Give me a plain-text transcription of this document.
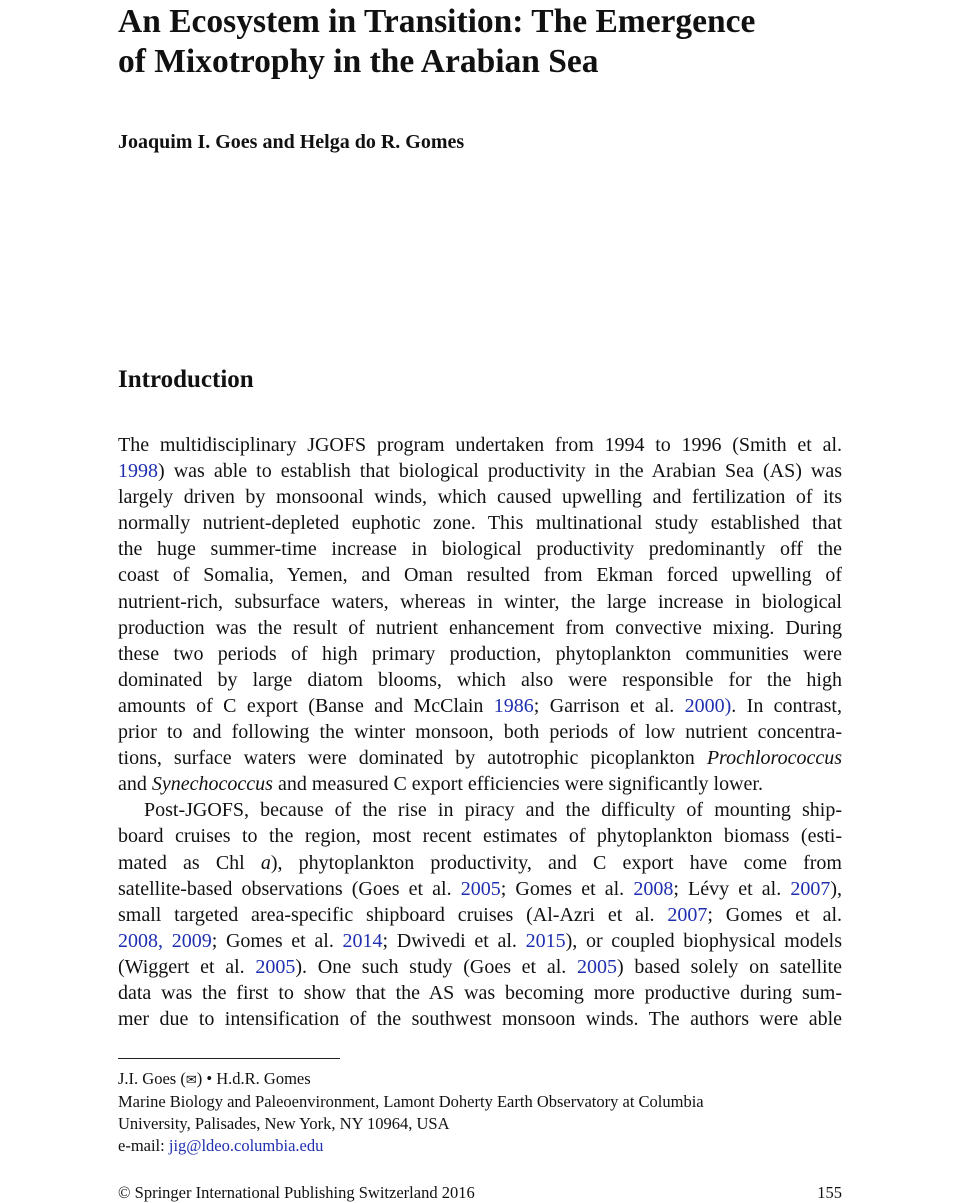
An Ecosystem in Transition: The Emergence
of Mixotrophy in the Arabian Sea
Joaquim I. Goes and Helga do R. Gomes
Introduction
The multidisciplinary JGOFS program undertaken from 1994 to 1996 (Smith et al.
1998) was able to establish that biological productivity in the Arabian Sea (AS) was
largely driven by monsoonal winds, which caused upwelling and fertilization of its
normally nutrient-depleted euphotic zone. This multinational study established that
the huge summer-time increase in biological productivity predominantly off the
coast of Somalia, Yemen, and Oman resulted from Ekman forced upwelling of
nutrient-rich, subsurface waters, whereas in winter, the large increase in biological
production was the result of nutrient enhancement from convective mixing. During
these two periods of high primary production, phytoplankton communities were
dominated by large diatom blooms, which also were responsible for the high
amounts of C export (Banse and McClain 1986; Garrison et al. 2000). In contrast,
prior to and following the winter monsoon, both periods of low nutrient concentra-
tions, surface waters were dominated by autotrophic picoplankton Prochlorococcus
and Synechococcus and measured C export efficiencies were significantly lower.
Post-JGOFS, because of the rise in piracy and the difficulty of mounting ship-
board cruises to the region, most recent estimates of phytoplankton biomass (esti-
mated as Chl a), phytoplankton productivity, and C export have come from
satellite-based observations (Goes et al. 2005; Gomes et al. 2008; Lévy et al. 2007),
small targeted area-specific shipboard cruises (Al-Azri et al. 2007; Gomes et al.
2008, 2009; Gomes et al. 2014; Dwivedi et al. 2015), or coupled biophysical models
(Wiggert et al. 2005). One such study (Goes et al. 2005) based solely on satellite
data was the first to show that the AS was becoming more productive during sum-
mer due to intensification of the southwest monsoon winds. The authors were able
J.I. Goes (✉) • H.d.R. Gomes
Marine Biology and Paleoenvironment, Lamont Doherty Earth Observatory at Columbia
University, Palisades, New York, NY 10964, USA
e-mail: jig@ldeo.columbia.edu
© Springer International Publishing Switzerland 2016	155
